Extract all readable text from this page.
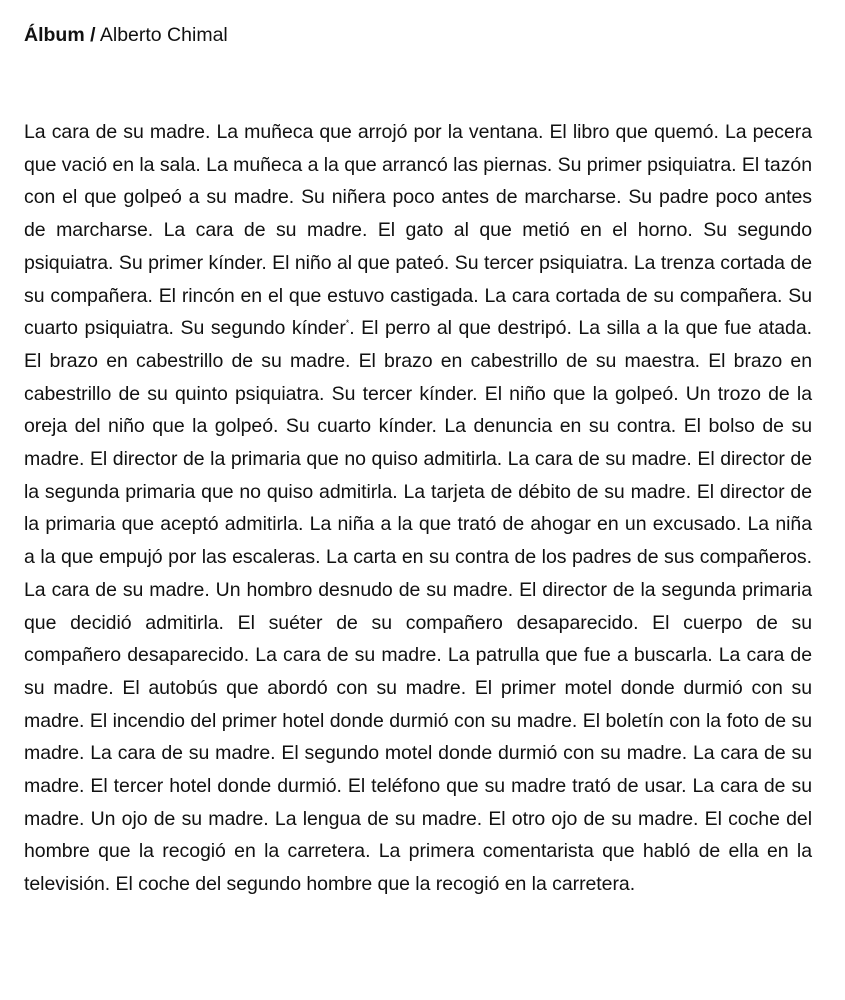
Álbum / Alberto Chimal

La cara de su madre. La muñeca que arrojó por la ventana. El libro que quemó. La pecera que vació en la sala. La muñeca a la que arrancó las piernas. Su primer psiquiatra. El tazón con el que golpeó a su madre. Su niñera poco antes de marcharse. Su padre poco antes de marcharse. La cara de su madre. El gato al que metió en el horno. Su segundo psiquiatra. Su primer kínder. El niño al que pateó. Su tercer psiquiatra. La trenza cortada de su compañera. El rincón en el que estuvo castigada. La cara cortada de su compañera. Su cuarto psiquiatra. Su segundo kínder*. El perro al que destripó. La silla a la que fue atada. El brazo en cabestrillo de su madre. El brazo en cabestrillo de su maestra. El brazo en cabestrillo de su quinto psiquiatra. Su tercer kínder. El niño que la golpeó. Un trozo de la oreja del niño que la golpeó. Su cuarto kínder. La denuncia en su contra. El bolso de su madre. El director de la primaria que no quiso admitirla. La cara de su madre. El director de la segunda primaria que no quiso admitirla. La tarjeta de débito de su madre. El director de la primaria que aceptó admitirla. La niña a la que trató de ahogar en un excusado. La niña a la que empujó por las escaleras. La carta en su contra de los padres de sus compañeros. La cara de su madre. Un hombro desnudo de su madre. El director de la segunda primaria que decidió admitirla. El suéter de su compañero desaparecido. El cuerpo de su compañero desaparecido. La cara de su madre. La patrulla que fue a buscarla. La cara de su madre. El autobús que abordó con su madre. El primer motel donde durmió con su madre. El incendio del primer hotel donde durmió con su madre. El boletín con la foto de su madre. La cara de su madre. El segundo motel donde durmió con su madre. La cara de su madre. El tercer hotel donde durmió. El teléfono que su madre trató de usar. La cara de su madre. Un ojo de su madre. La lengua de su madre. El otro ojo de su madre. El coche del hombre que la recogió en la carretera. La primera comentarista que habló de ella en la televisión. El coche del segundo hombre que la recogió en la carretera.
